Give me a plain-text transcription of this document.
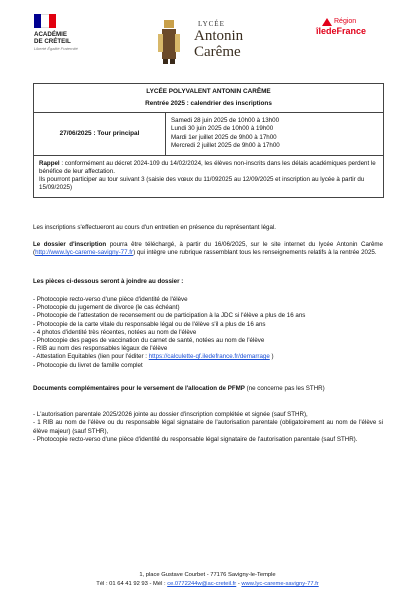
ACADÉMIE
DE CRÉTEIL
Liberté Égalité Fraternité
LYCÉE
Antonin
Carême
Région
îledeFrance
LYCÉE POLYVALENT ANTONIN CARÊME
Rentrée 2025 : calendrier des inscriptions
27/06/2025 : Tour principal
Samedi 28 juin 2025 de 10h00 à 13h00
Lundi 30 juin 2025 de 10h00 à 19h00
Mardi 1er juillet 2025 de 9h00 à 17h00
Mercredi 2 juillet 2025 de 9h00 à 17h00
Rappel : conformément au décret 2024-109 du 14/02/2024, les élèves non-inscrits dans les délais académiques perdent le bénéfice de leur affectation.
Ils pourront participer au tour suivant 3 (saisie des vœux du 11/092025 au 12/09/2025 et inscription au lycée à partir du 15/09/2025)
Les inscriptions s'effectueront au cours d'un entretien en présence du représentant légal.
Le dossier d'inscription pourra être téléchargé, à partir du 16/06/2025, sur le site internet du lycée Antonin Carême (http://www.lyc-careme-savigny-77.fr) qui intègre une rubrique rassemblant tous les renseignements relatifs à la rentrée 2025.
Les pièces ci-dessous seront à joindre au dossier :
- Photocopie recto-verso d'une pièce d'identité de l'élève
- Photocopie du jugement de divorce (le cas échéant)
- Photocopie de l'attestation de recensement ou de participation à la JDC si l'élève a plus de 16 ans
- Photocopie de la carte vitale du responsable légal ou de l'élève s'il a plus de 16 ans
- 4 photos d'identité très récentes, notées au nom de l'élève
- Photocopie des pages de vaccination du carnet de santé, notées au nom de l'élève
- RIB au nom des responsables légaux de l'élève
- Attestation Equitables (lien pour l'éditer : https://calculette-qf.iledefrance.fr/demarrage )
- Photocopie du livret de famille complet
Documents complémentaires pour le versement de l'allocation de PFMP (ne concerne pas les STHR)
- L'autorisation parentale 2025/2026 jointe au dossier d'inscription complétée et signée (sauf STHR),
- 1 RIB au nom de l'élève ou du responsable légal signataire de l'autorisation parentale (obligatoirement au nom de l'élève si élève majeur) (sauf STHR),
- Photocopie recto-verso d'une pièce d'identité du responsable légal signataire de l'autorisation parentale (sauf STHR).
1, place Gustave Courbet - 77176 Savigny-le-Temple
Tél : 01 64 41 92 93 - Mél : ce.0772244w@ac-creteil.fr - www.lyc-careme-savigny-77.fr
